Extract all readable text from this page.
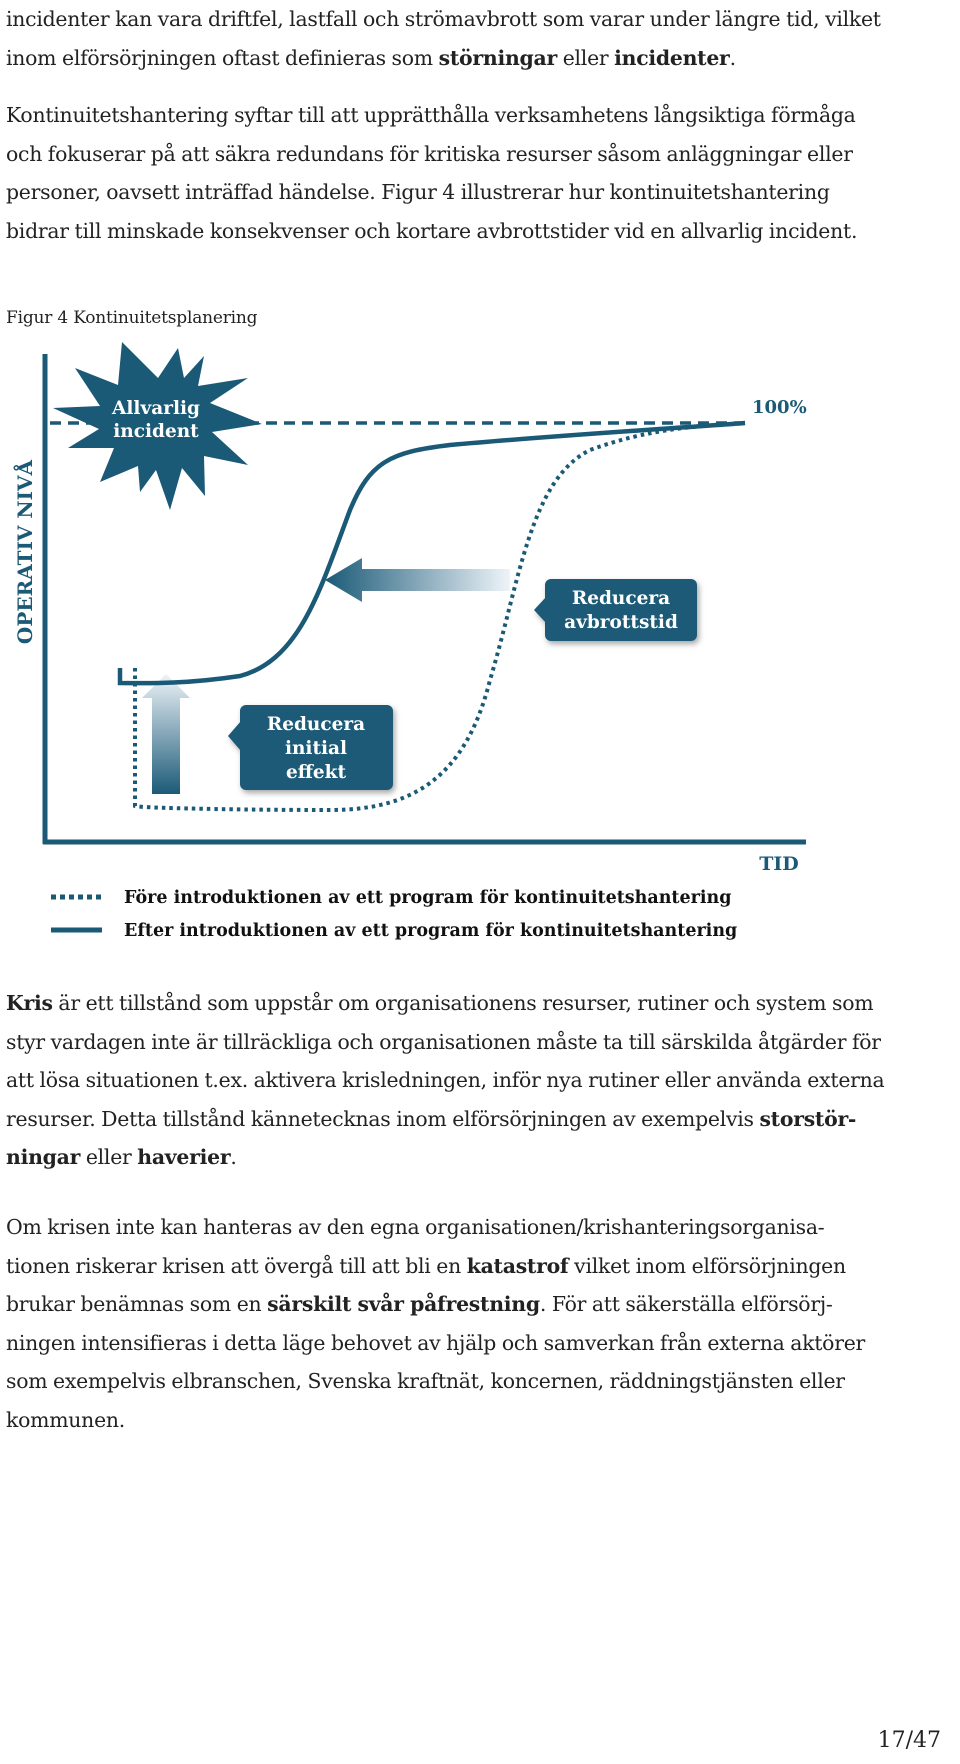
incidenter kan vara driftfel, lastfall och strömavbrott som varar under längre tid, vilket
inom elförsörjningen oftast definieras som störningar eller incidenter.
Kontinuitetshantering syftar till att upprätthålla verksamhetens långsiktiga förmåga
och fokuserar på att säkra redundans för kritiska resurser såsom anläggningar eller
personer, oavsett inträffad händelse. Figur 4 illustrerar hur kontinuitetshantering
bidrar till minskade konsekvenser och kortare avbrottstider vid en allvarlig incident.
Figur 4 Kontinuitetsplanering
OPERATIV NIVÅ
TID
100%
Allvarlig
incident
Reducera
avbrottstid
Reducera
initial
effekt
Före introduktionen av ett program för kontinuitetshantering
Efter introduktionen av ett program för kontinuitetshantering
Kris är ett tillstånd som uppstår om organisationens resurser, rutiner och system som
styr vardagen inte är tillräckliga och organisationen måste ta till särskilda åtgärder för
att lösa situationen t.ex. aktivera krisledningen, inför nya rutiner eller använda externa
resurser. Detta tillstånd kännetecknas inom elförsörjningen av exempelvis storstör-
ningar eller haverier.
Om krisen inte kan hanteras av den egna organisationen/krishanteringsorganisa-
tionen riskerar krisen att övergå till att bli en katastrof vilket inom elförsörjningen
brukar benämnas som en särskilt svår påfrestning. För att säkerställa elförsörj-
ningen intensifieras i detta läge behovet av hjälp och samverkan från externa aktörer
som exempelvis elbranschen, Svenska kraftnät, koncernen, räddningstjänsten eller
kommunen.
17/47
